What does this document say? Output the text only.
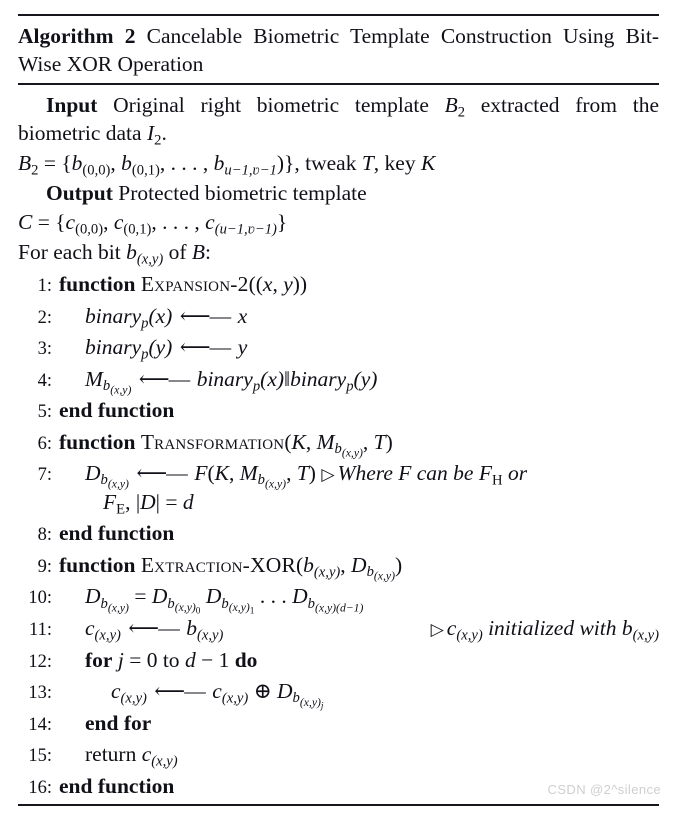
Algorithm 2 Cancelable Biometric Template Construction Using Bit-Wise XOR Operation
Input Original right biometric template $B_2$ extracted from the biometric data $I_2$.
$B_2 = \{b_{(0,0)}$, $b_{(0,1)}$, . . . , $b_{u-1,ʋ-1}$)}, tweak T, key K
Output Protected biometric template
$C = \{c_{(0,0)}$, $c_{(0,1)}$, . . . , $c_{(u-1,ʋ-1)}$}
For each bit $b_{(x,y)}$ of B:
1: function Expansion-2((x, y))
2:	binary$_p$(x) ⟵— x
3:	binary$_p$(y) ⟵— y
4:	$M_{b_{(x,y)}}$ ⟵— binary$_p$(x)‖binary$_p$(y)
5: end function
6: function Transformation(K, $M_{b_{(x,y)}}$, T)
7:	$D_{b_{(x,y)}}$ ⟵— F(K, $M_{b_{(x,y)}}$, T) ▷ Where F can be $F_H$ or
$F_E$, |D| = d
8: end function
9: function Extraction-$XOR(b_{(x,y)}$, $D_{b_{(x,y)}}$)
10:	$D_{b_{(x,y)}} = D_{b_{(x,y)_0}}$ $D_{b_{(x,y)_1}}$ . . . $D_{b_{(x,y)(d-1)}}$
11:	$c_{(x,y)}$ ⟵— $b_{(x,y)}$	▷ $c_{(x,y)}$ initialized with $b_{(x,y)}$
12:	for j = 0 to d − 1 do
13:	$c_{(x,y)}$ ⟵— $c_{(x,y)}$ ⊕ $D_{b_{(x,y)_j}}$
14:	end for
15:	return $c_{(x,y)}$
16: end function	CSDN @2^silence
